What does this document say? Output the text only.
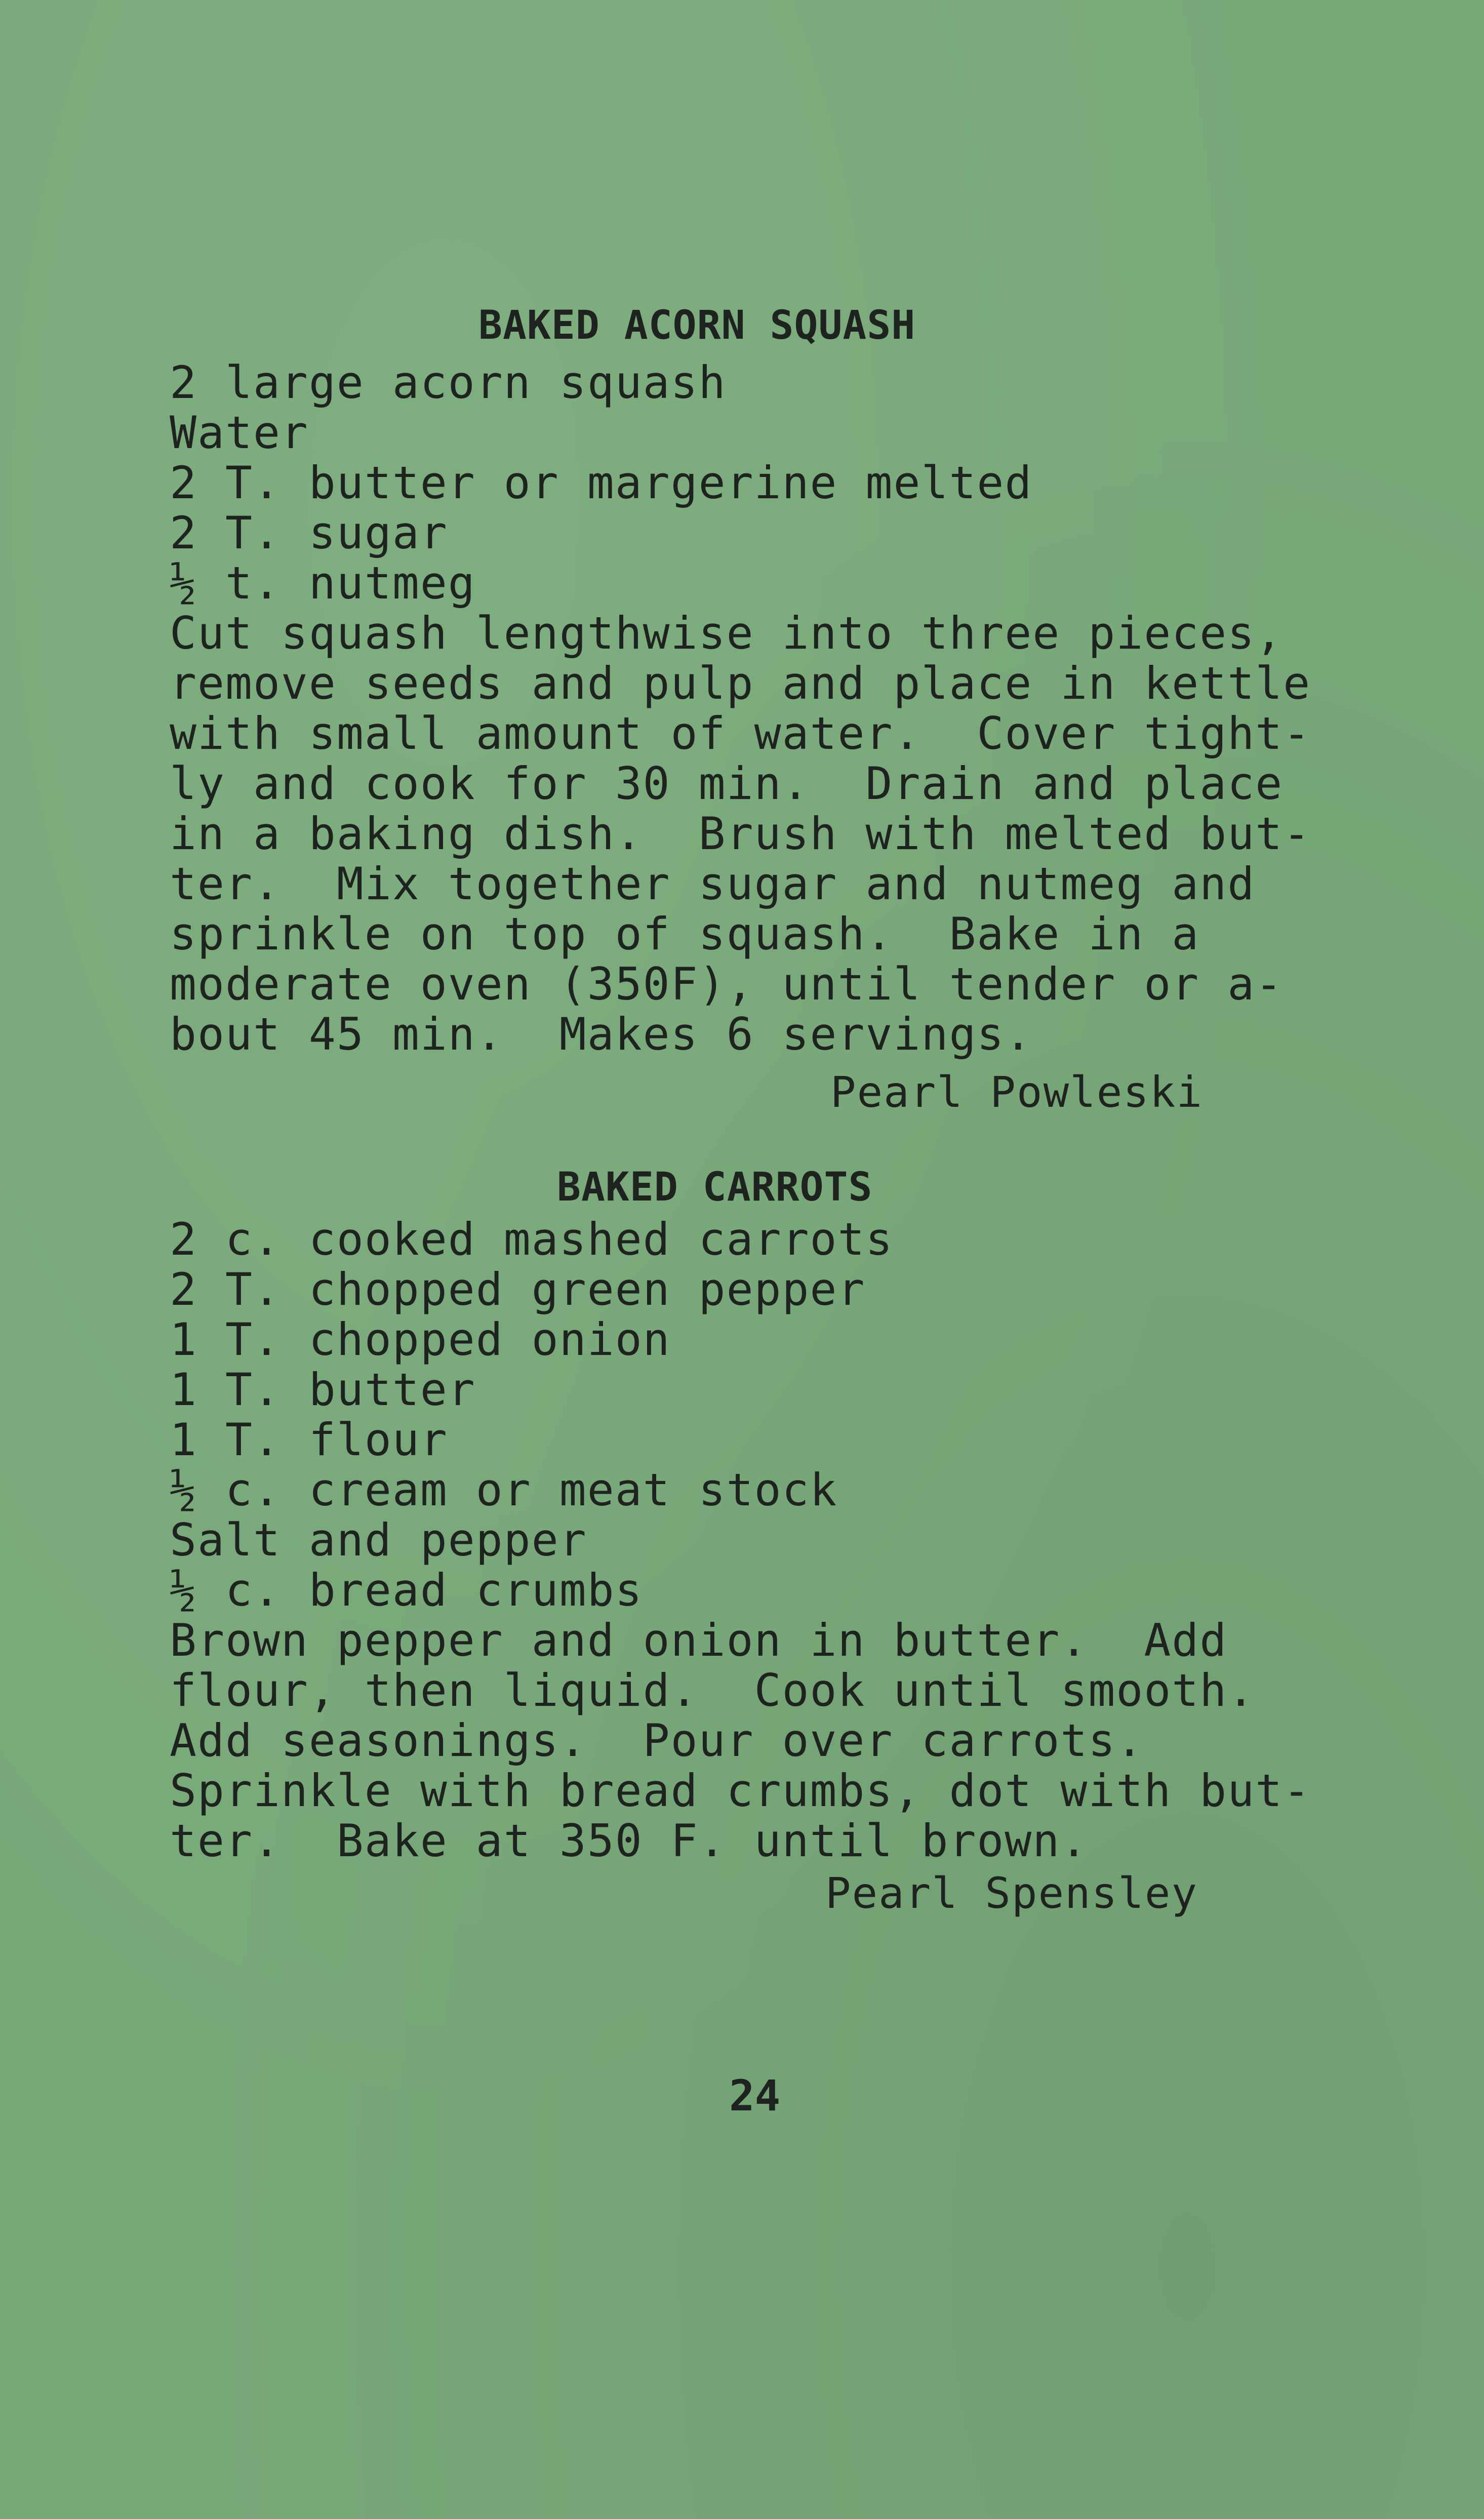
BAKED ACORN SQUASH
2 large acorn squash
Water
2 T. butter or margerine melted
2 T. sugar
½ t. nutmeg
Cut squash lengthwise into three pieces,
remove seeds and pulp and place in kettle
with small amount of water.  Cover tight-
ly and cook for 30 min.  Drain and place
in a baking dish.  Brush with melted but-
ter.  Mix together sugar and nutmeg and
sprinkle on top of squash.  Bake in a
moderate oven (350F), until tender or a-
bout 45 min.  Makes 6 servings.

Pearl Powleski

BAKED CARROTS
2 c. cooked mashed carrots
2 T. chopped green pepper
1 T. chopped onion
1 T. butter
1 T. flour
½ c. cream or meat stock
Salt and pepper
½ c. bread crumbs
Brown pepper and onion in butter.  Add
flour, then liquid.  Cook until smooth.
Add seasonings.  Pour over carrots.
Sprinkle with bread crumbs, dot with but-
ter.  Bake at 350 F. until brown.

Pearl Spensley

24
